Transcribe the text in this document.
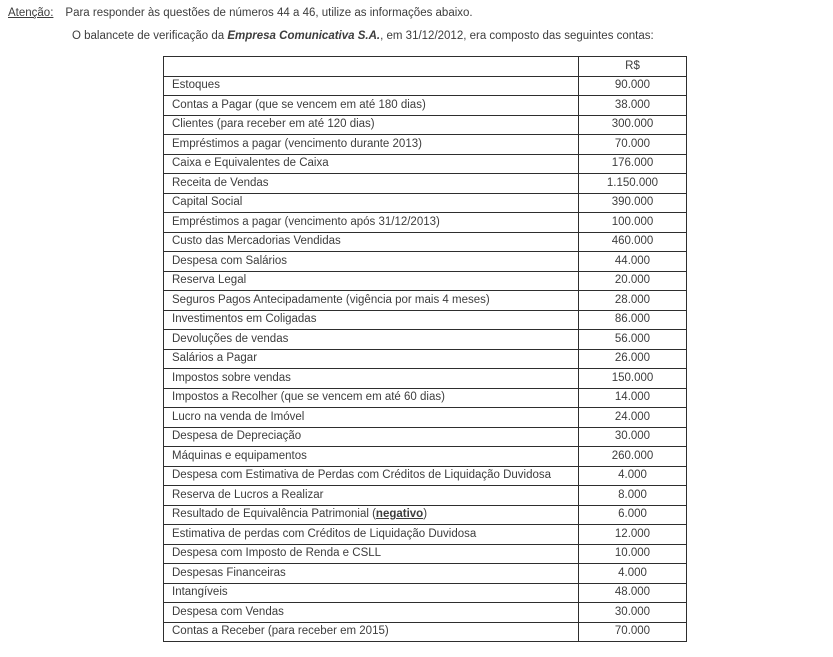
Atenção: Para responder às questões de números 44 a 46, utilize as informações abaixo.
O balancete de verificação da Empresa Comunicativa S.A., em 31/12/2012, era composto das seguintes contas:
	R$
Estoques	90.000
Contas a Pagar (que se vencem em até 180 dias)	38.000
Clientes (para receber em até 120 dias)	300.000
Empréstimos a pagar (vencimento durante 2013)	70.000
Caixa e Equivalentes de Caixa	176.000
Receita de Vendas	1.150.000
Capital Social	390.000
Empréstimos a pagar (vencimento após 31/12/2013)	100.000
Custo das Mercadorias Vendidas	460.000
Despesa com Salários	44.000
Reserva Legal	20.000
Seguros Pagos Antecipadamente (vigência por mais 4 meses)	28.000
Investimentos em Coligadas	86.000
Devoluções de vendas	56.000
Salários a Pagar	26.000
Impostos sobre vendas	150.000
Impostos a Recolher (que se vencem em até 60 dias)	14.000
Lucro na venda de Imóvel	24.000
Despesa de Depreciação	30.000
Máquinas e equipamentos	260.000
Despesa com Estimativa de Perdas com Créditos de Liquidação Duvidosa	4.000
Reserva de Lucros a Realizar	8.000
Resultado de Equivalência Patrimonial (negativo)	6.000
Estimativa de perdas com Créditos de Liquidação Duvidosa	12.000
Despesa com Imposto de Renda e CSLL	10.000
Despesas Financeiras	4.000
Intangíveis	48.000
Despesa com Vendas	30.000
Contas a Receber (para receber em 2015)	70.000
